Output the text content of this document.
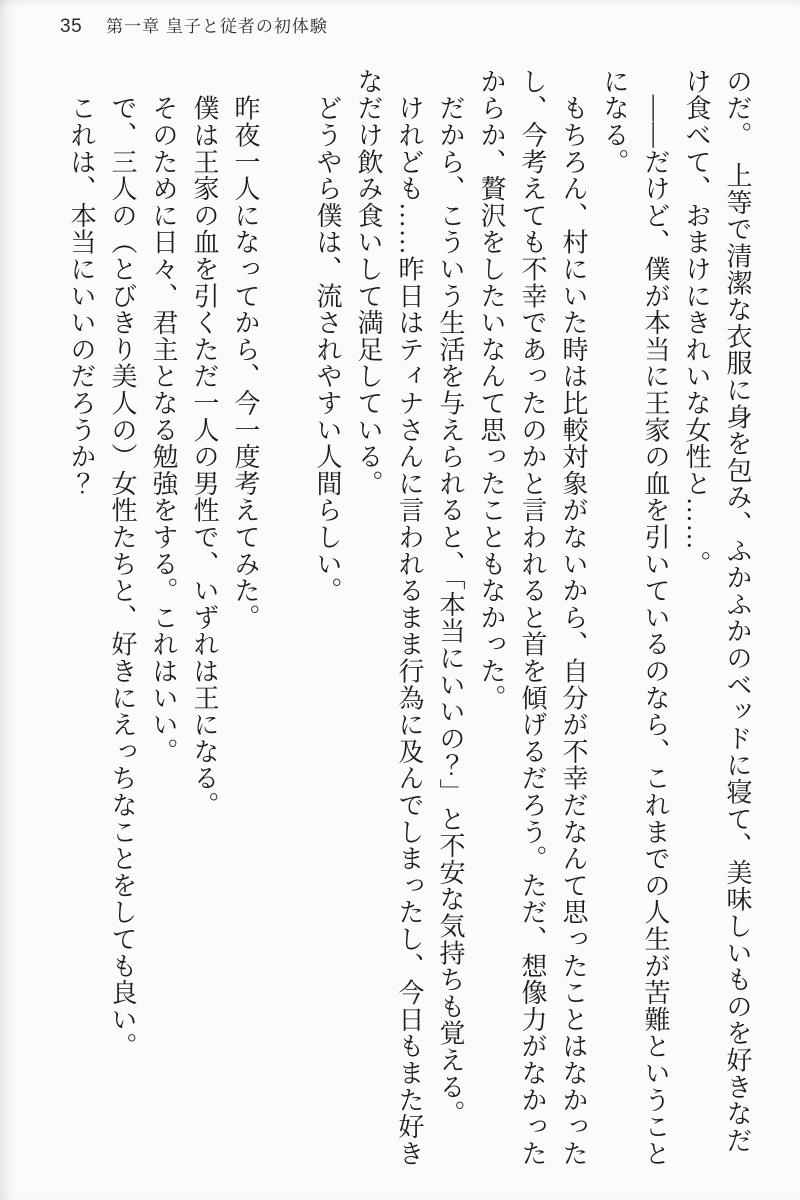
35 第一章 皇子と従者の初体験

のだ。　上等で清潔な衣服に身を包み、ふかふかのベッドに寝て、美味しいものを好きなだけ食べて、おまけにきれいな女性と……。

　――だけど、僕が本当に王家の血を引いているのなら、これまでの人生が苦難ということになる。

　もちろん、村にいた時は比較対象がないから、自分が不幸だなんて思ったことはなかったし、今考えても不幸であったのかと言われると首を傾げるだろう。ただ、想像力がなかったからか、贅沢をしたいなんて思ったこともなかった。

　だから、こういう生活を与えられると、「本当にいいの？」と不安な気持ちも覚える。

　けれども……昨日はティナさんに言われるまま行為に及んでしまったし、今日もまた好きなだけ飲み食いして満足している。

　どうやら僕は、流されやすい人間らしい。

　昨夜一人になってから、今一度考えてみた。

　僕は王家の血を引くただ一人の男性で、いずれは王になる。

　そのために日々、君主となる勉強をする。これはいい。

　で、三人の（とびきり美人の）女性たちと、好きにえっちなことをしても良い。

　これは、本当にいいのだろうか？
